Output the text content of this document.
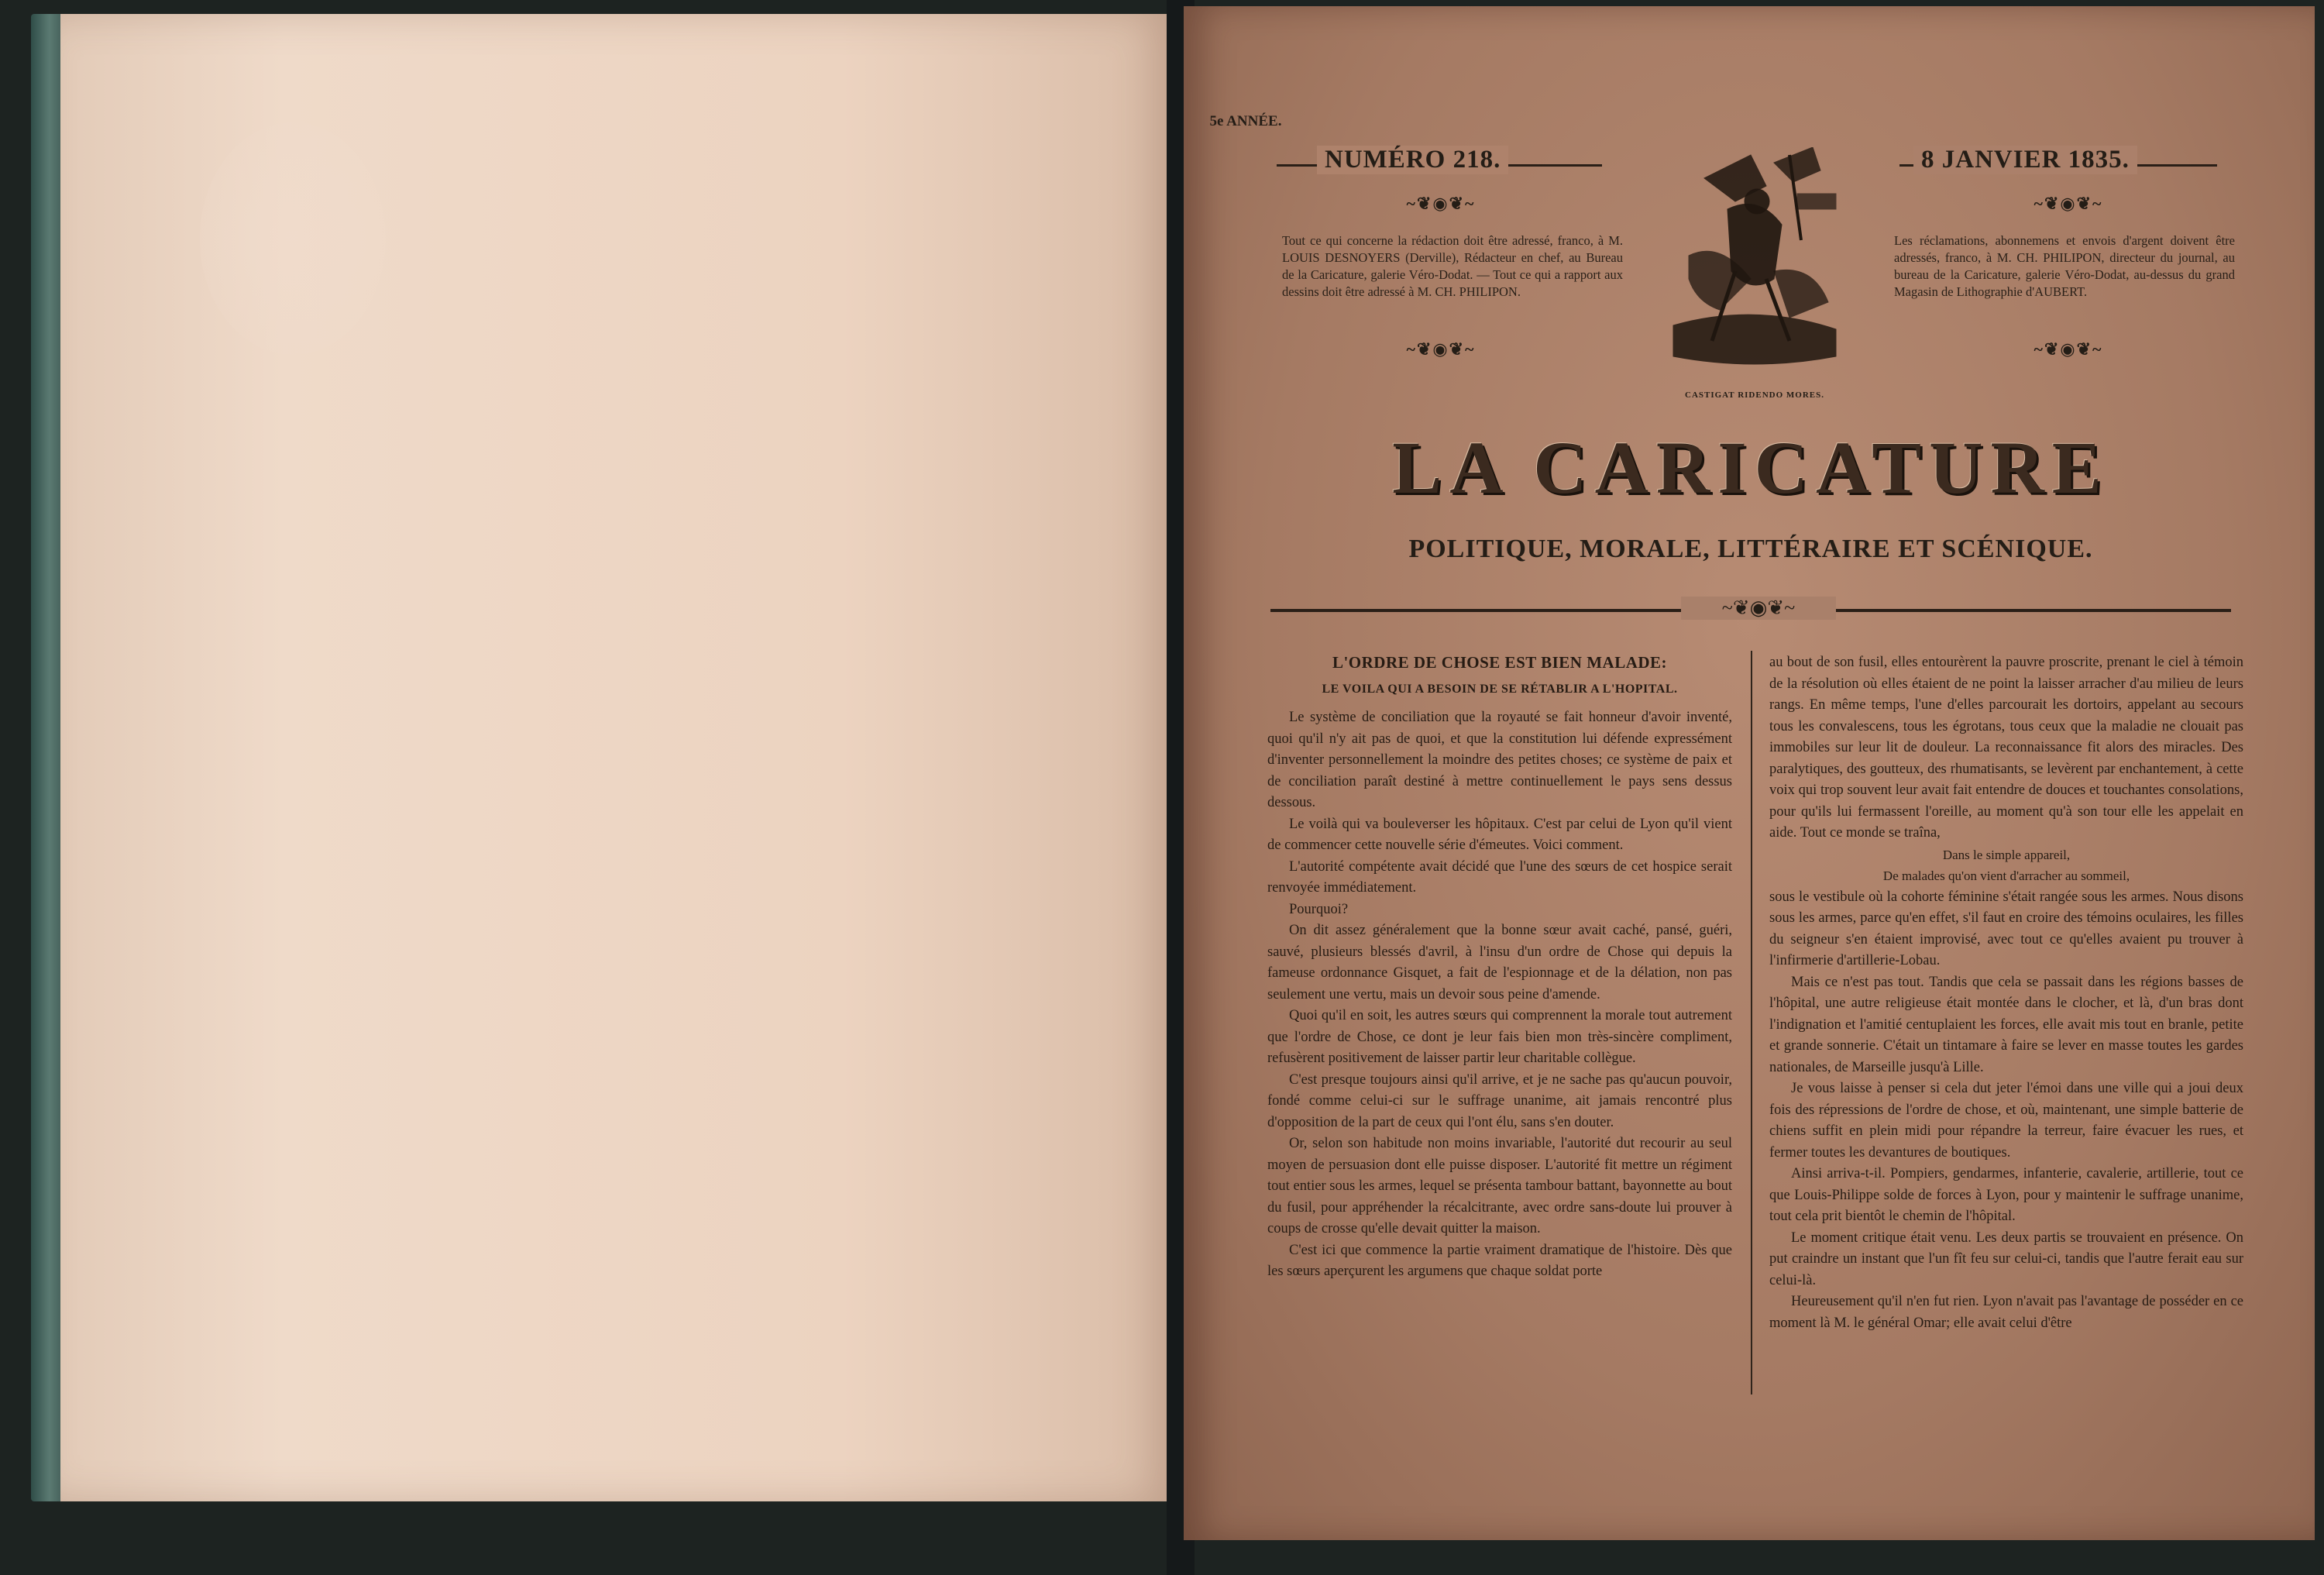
5e ANNÉE.
NUMÉRO 218.	8 JANVIER 1835.
~❦◉❦~	~❦◉❦~
Tout ce qui concerne la rédaction doit être adressé, franco, à M. LOUIS DESNOYERS (Derville), Rédacteur en chef, au Bureau de la Caricature, galerie Véro-Dodat. — Tout ce qui a rapport aux dessins doit être adressé à M. CH. PHILIPON.
Les réclamations, abonnemens et envois d'argent doivent être adressés, franco, à M. CH. PHILIPON, directeur du journal, au bureau de la Caricature, galerie Véro-Dodat, au-dessus du grand Magasin de Lithographie d'AUBERT.
~❦◉❦~	~❦◉❦~
CASTIGAT RIDENDO MORES.
LA CARICATURE
POLITIQUE, MORALE, LITTÉRAIRE ET SCÉNIQUE.
~❦◉❦~

L'ORDRE DE CHOSE EST BIEN MALADE:

LE VOILA QUI A BESOIN DE SE RÉTABLIR A L'HOPITAL.

Le système de conciliation que la royauté se fait honneur d'avoir inventé, quoi qu'il n'y ait pas de quoi, et que la constitution lui défende expressément d'inventer personnellement la moindre des petites choses; ce système de paix et de conciliation paraît destiné à mettre continuellement le pays sens dessus dessous.

Le voilà qui va bouleverser les hôpitaux. C'est par celui de Lyon qu'il vient de commencer cette nouvelle série d'émeutes. Voici comment.

L'autorité compétente avait décidé que l'une des sœurs de cet hospice serait renvoyée immédiatement.

Pourquoi?

On dit assez généralement que la bonne sœur avait caché, pansé, guéri, sauvé, plusieurs blessés d'avril, à l'insu d'un ordre de Chose qui depuis la fameuse ordonnance Gisquet, a fait de l'espionnage et de la délation, non pas seulement une vertu, mais un devoir sous peine d'amende.

Quoi qu'il en soit, les autres sœurs qui comprennent la morale tout autrement que l'ordre de Chose, ce dont je leur fais bien mon très-sincère compliment, refusèrent positivement de laisser partir leur charitable collègue.

C'est presque toujours ainsi qu'il arrive, et je ne sache pas qu'aucun pouvoir, fondé comme celui-ci sur le suffrage unanime, ait jamais rencontré plus d'opposition de la part de ceux qui l'ont élu, sans s'en douter.

Or, selon son habitude non moins invariable, l'autorité dut recourir au seul moyen de persuasion dont elle puisse disposer. L'autorité fit mettre un régiment tout entier sous les armes, lequel se présenta tambour battant, bayonnette au bout du fusil, pour appréhender la récalcitrante, avec ordre sans-doute lui prouver à coups de crosse qu'elle devait quitter la maison.

C'est ici que commence la partie vraiment dramatique de l'histoire. Dès que les sœurs aperçurent les argumens que chaque soldat porte

au bout de son fusil, elles entourèrent la pauvre proscrite, prenant le ciel à témoin de la résolution où elles étaient de ne point la laisser arracher d'au milieu de leurs rangs. En même temps, l'une d'elles parcourait les dortoirs, appelant au secours tous les convalescens, tous les égrotans, tous ceux que la maladie ne clouait pas immobiles sur leur lit de douleur. La reconnaissance fit alors des miracles. Des paralytiques, des goutteux, des rhumatisants, se levèrent par enchantement, à cette voix qui trop souvent leur avait fait entendre de douces et touchantes consolations, pour qu'ils lui fermassent l'oreille, au moment qu'à son tour elle les appelait en aide. Tout ce monde se traîna,

Dans le simple appareil,

De malades qu'on vient d'arracher au sommeil,

sous le vestibule où la cohorte féminine s'était rangée sous les armes. Nous disons sous les armes, parce qu'en effet, s'il faut en croire des témoins oculaires, les filles du seigneur s'en étaient improvisé, avec tout ce qu'elles avaient pu trouver à l'infirmerie d'artillerie-Lobau.

Mais ce n'est pas tout. Tandis que cela se passait dans les régions basses de l'hôpital, une autre religieuse était montée dans le clocher, et là, d'un bras dont l'indignation et l'amitié centuplaient les forces, elle avait mis tout en branle, petite et grande sonnerie. C'était un tintamare à faire se lever en masse toutes les gardes nationales, de Marseille jusqu'à Lille.

Je vous laisse à penser si cela dut jeter l'émoi dans une ville qui a joui deux fois des répressions de l'ordre de chose, et où, maintenant, une simple batterie de chiens suffit en plein midi pour répandre la terreur, faire évacuer les rues, et fermer toutes les devantures de boutiques.

Ainsi arriva-t-il. Pompiers, gendarmes, infanterie, cavalerie, artillerie, tout ce que Louis-Philippe solde de forces à Lyon, pour y maintenir le suffrage unanime, tout cela prit bientôt le chemin de l'hôpital.

Le moment critique était venu. Les deux partis se trouvaient en présence. On put craindre un instant que l'un fît feu sur celui-ci, tandis que l'autre ferait eau sur celui-là.

Heureusement qu'il n'en fut rien. Lyon n'avait pas l'avantage de posséder en ce moment là M. le général Omar; elle avait celui d'être
